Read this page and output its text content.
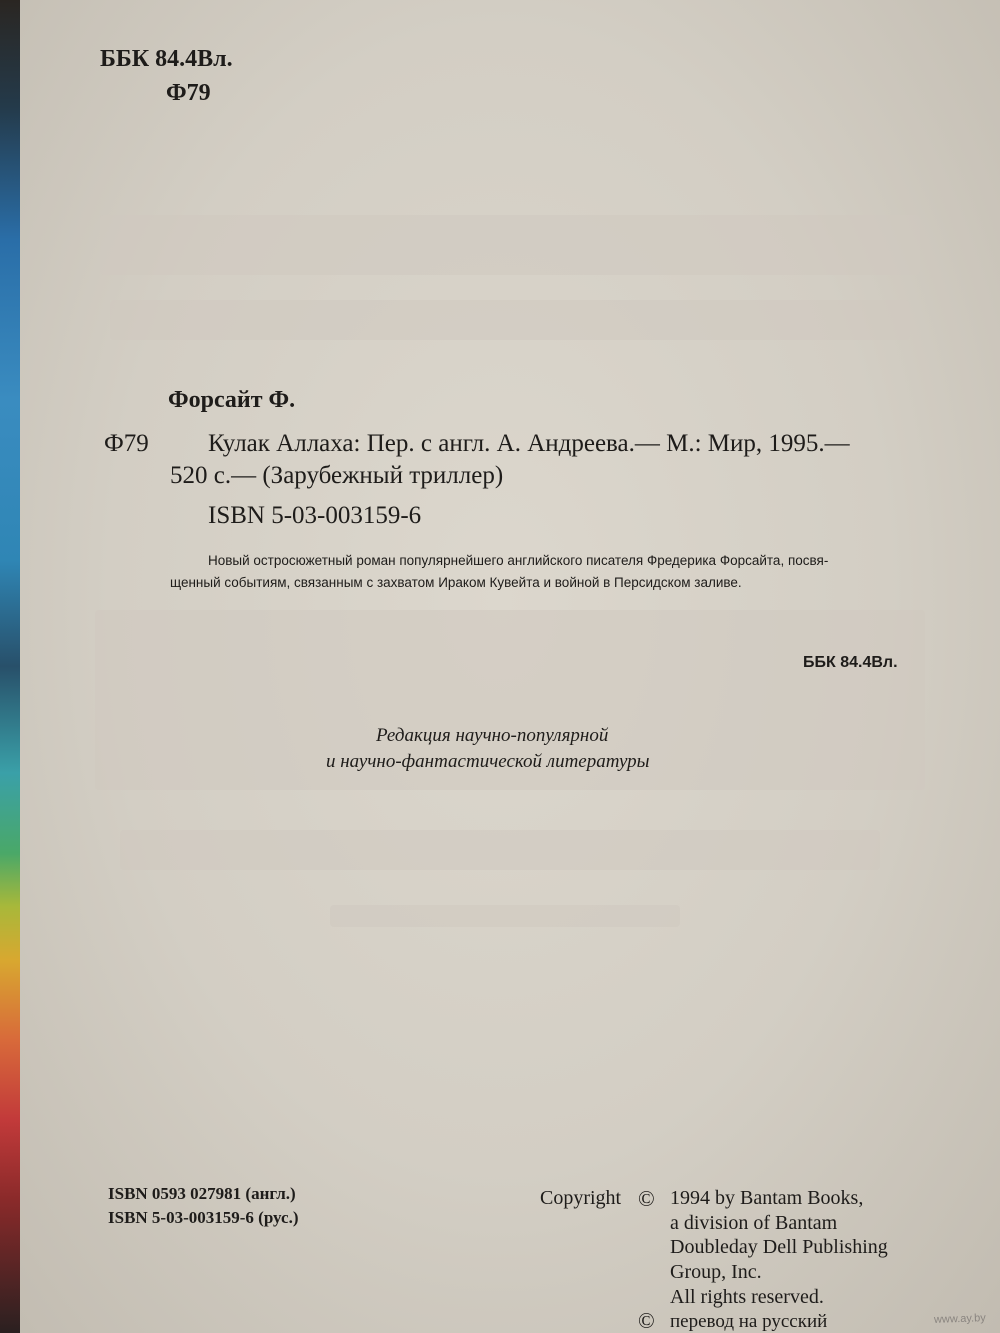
ББК 84.4Вл.
Ф79
Форсайт Ф.
Ф79 Кулак Аллаха: Пер. с англ. А. Андреева.— М.: Мир, 1995.—
520 с.— (Зарубежный триллер)
ISBN 5-03-003159-6
Новый остросюжетный роман популярнейшего английского писателя Фредерика Форсайта, посвя-
щенный событиям, связанным с захватом Ираком Кувейта и войной в Персидском заливе.
ББК 84.4Вл.
Редакция научно-популярной
и научно-фантастической литературы
ISBN 0593 027981 (англ.)
ISBN 5-03-003159-6 (рус.)
Copyright © 1994 by Bantam Books,
a division of Bantam
Doubleday Dell Publishing
Group, Inc.
All rights reserved.
© перевод на русский	www.ay.by
